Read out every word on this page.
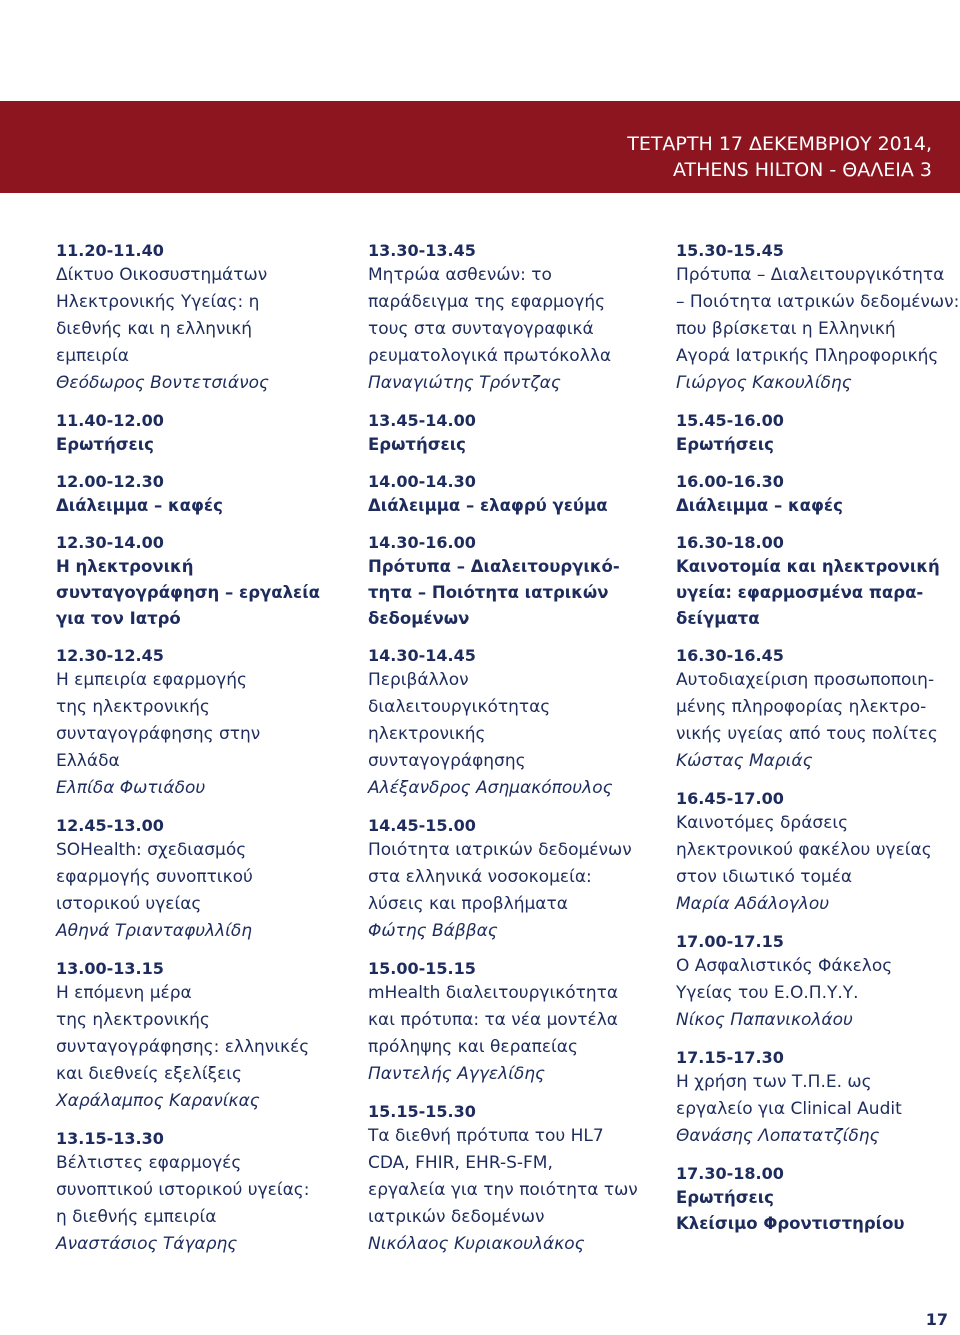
ΤΕΤΑΡΤΗ 17 ΔΕΚΕΜΒΡΙΟΥ 2014,
ATHENS HILTON - ΘΑΛΕΙΑ 3
11.20-11.40
Δίκτυο Οικοσυστημάτων
Ηλεκτρονικής Υγείας: η
διεθνής και η ελληνική
εμπειρία
Θεόδωρος Βοντετσιάνος
11.40-12.00
Ερωτήσεις
12.00-12.30
Διάλειμμα – καφές
12.30-14.00
Η ηλεκτρονική
συνταγογράφηση – εργαλεία
για τον Ιατρό
12.30-12.45
Η εμπειρία εφαρμογής
της ηλεκτρονικής
συνταγογράφησης στην
Ελλάδα
Ελπίδα Φωτιάδου
12.45-13.00
SOHealth: σχεδιασμός
εφαρμογής συνοπτικού
ιστορικού υγείας
Αθηνά Τριανταφυλλίδη
13.00-13.15
Η επόμενη μέρα
της ηλεκτρονικής
συνταγογράφησης: ελληνικές
και διεθνείς εξελίξεις
Χαράλαμπος Καρανίκας
13.15-13.30
Βέλτιστες εφαρμογές
συνοπτικού ιστορικού υγείας:
η διεθνής εμπειρία
Αναστάσιος Τάγαρης
13.30-13.45
Μητρώα ασθενών: το
παράδειγμα της εφαρμογής
τους στα συνταγογραφικά
ρευματολογικά πρωτόκολλα
Παναγιώτης Τρόντζας
13.45-14.00
Ερωτήσεις
14.00-14.30
Διάλειμμα – ελαφρύ γεύμα
14.30-16.00
Πρότυπα – Διαλειτουργικό-
τητα – Ποιότητα ιατρικών
δεδομένων
14.30-14.45
Περιβάλλον
διαλειτουργικότητας
ηλεκτρονικής
συνταγογράφησης
Αλέξανδρος Ασημακόπουλος
14.45-15.00
Ποιότητα ιατρικών δεδομένων
στα ελληνικά νοσοκομεία:
λύσεις και προβλήματα
Φώτης Βάββας
15.00-15.15
mHealth διαλειτουργικότητα
και πρότυπα: τα νέα μοντέλα
πρόληψης και θεραπείας
Παντελής Αγγελίδης
15.15-15.30
Τα διεθνή πρότυπα του HL7
CDA, FHIR, EHR-S-FM,
εργαλεία για την ποιότητα των
ιατρικών δεδομένων
Νικόλαος Κυριακουλάκος
15.30-15.45
Πρότυπα – Διαλειτουργικότητα
– Ποιότητα ιατρικών δεδομένων:
που βρίσκεται η Ελληνική
Αγορά Ιατρικής Πληροφορικής
Γιώργος Κακουλίδης
15.45-16.00
Ερωτήσεις
16.00-16.30
Διάλειμμα – καφές
16.30-18.00
Καινοτομία και ηλεκτρονική
υγεία: εφαρμοσμένα παρα-
δείγματα
16.30-16.45
Αυτοδιαχείριση προσωποποιη-
μένης πληροφορίας ηλεκτρο-
νικής υγείας από τους πολίτες
Κώστας Μαριάς
16.45-17.00
Καινοτόμες δράσεις
ηλεκτρονικού φακέλου υγείας
στον ιδιωτικό τομέα
Μαρία Αδάλογλου
17.00-17.15
Ο Ασφαλιστικός Φάκελος
Υγείας του Ε.Ο.Π.Υ.Υ.
Νίκος Παπανικολάου
17.15-17.30
Η χρήση των Τ.Π.Ε. ως
εργαλείο για Clinical Audit
Θανάσης Λοπατατζίδης
17.30-18.00
Ερωτήσεις
Κλείσιμο Φροντιστηρίου
17
